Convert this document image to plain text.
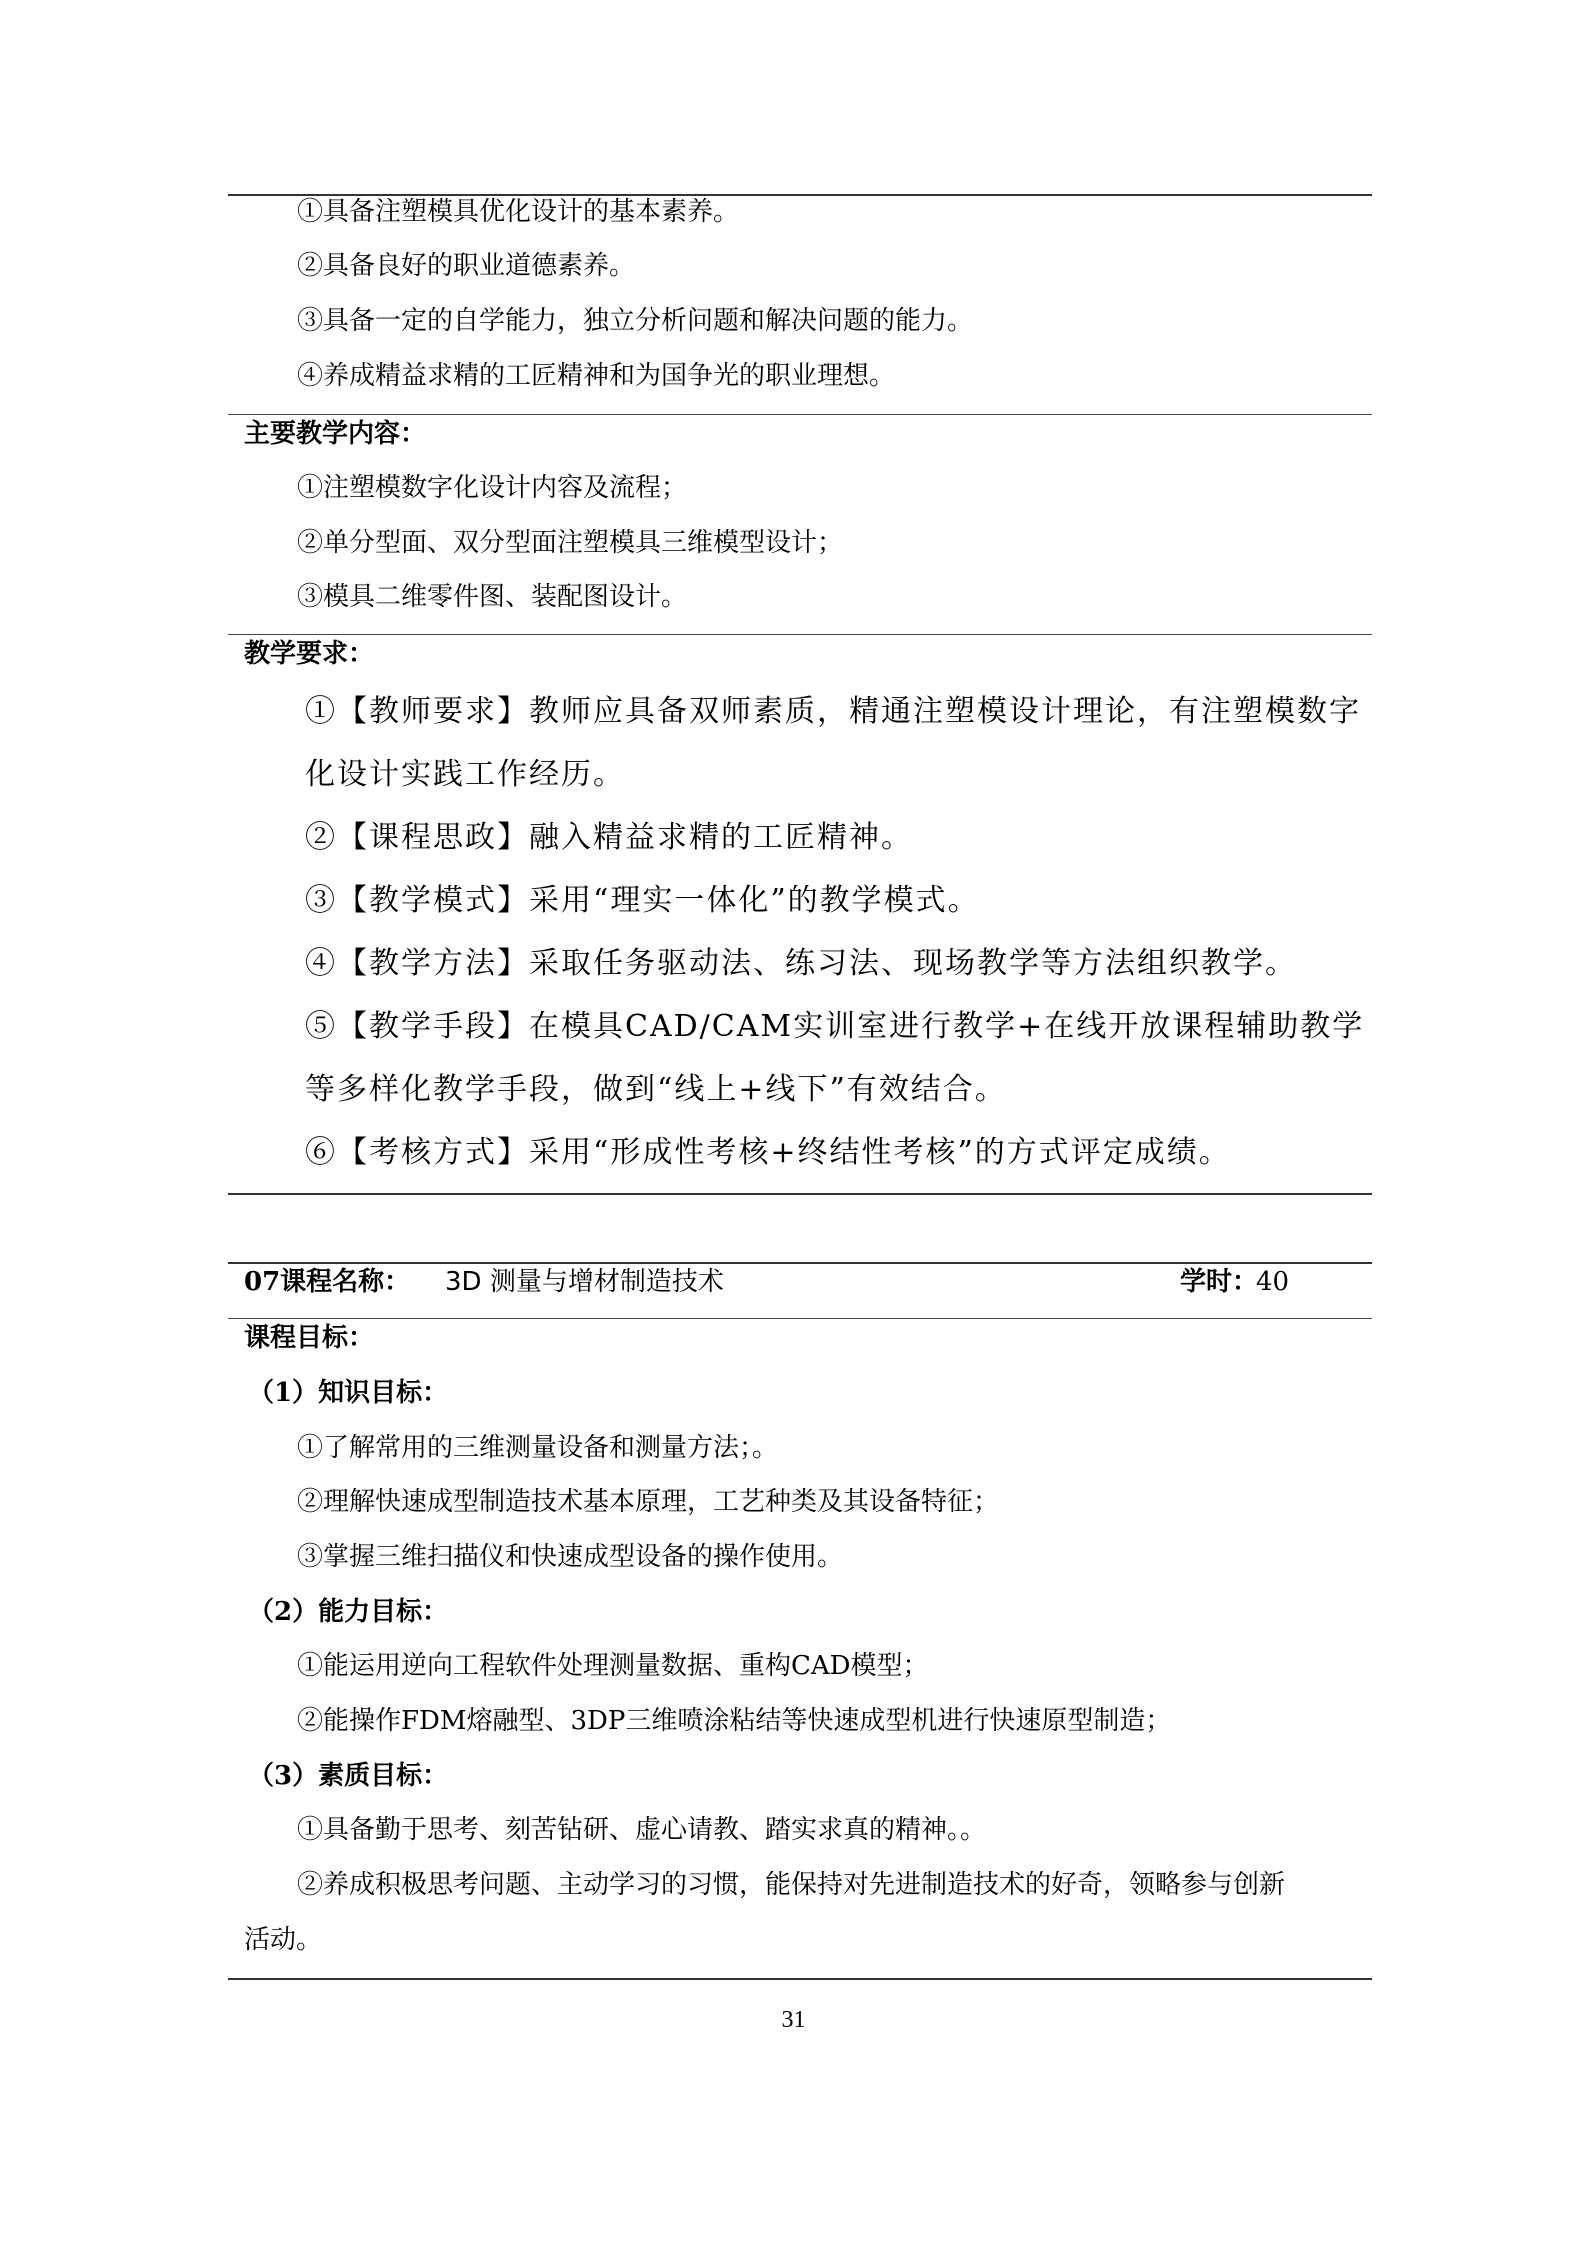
①具备注塑模具优化设计的基本素养。
②具备良好的职业道德素养。
③具备一定的自学能力，独立分析问题和解决问题的能力。
④养成精益求精的工匠精神和为国争光的职业理想。
主要教学内容：
①注塑模数字化设计内容及流程；
②单分型面、双分型面注塑模具三维模型设计；
③模具二维零件图、装配图设计。
教学要求：
①【教师要求】教师应具备双师素质，精通注塑模设计理论，有注塑模数字
化设计实践工作经历。
②【课程思政】融入精益求精的工匠精神。
③【教学模式】采用“理实一体化”的教学模式。
④【教学方法】采取任务驱动法、练习法、现场教学等方法组织教学。
⑤【教学手段】在模具CAD/CAM实训室进行教学+在线开放课程辅助教学
等多样化教学手段，做到“线上+线下”有效结合。
⑥【考核方式】采用“形成性考核+终结性考核”的方式评定成绩。
07课程名称： 3D 测量与增材制造技术	学时：
40
课程目标：
（1）知识目标：
①了解常用的三维测量设备和测量方法；。
②理解快速成型制造技术基本原理，工艺种类及其设备特征；
③掌握三维扫描仪和快速成型设备的操作使用。
（2）能力目标：
①能运用逆向工程软件处理测量数据、重构CAD模型；
②能操作FDM熔融型、3DP三维喷涂粘结等快速成型机进行快速原型制造；
（3）素质目标：
①具备勤于思考、刻苦钻研、虚心请教、踏实求真的精神。。
②养成积极思考问题、主动学习的习惯，能保持对先进制造技术的好奇，领略参与创新
活动。
31
